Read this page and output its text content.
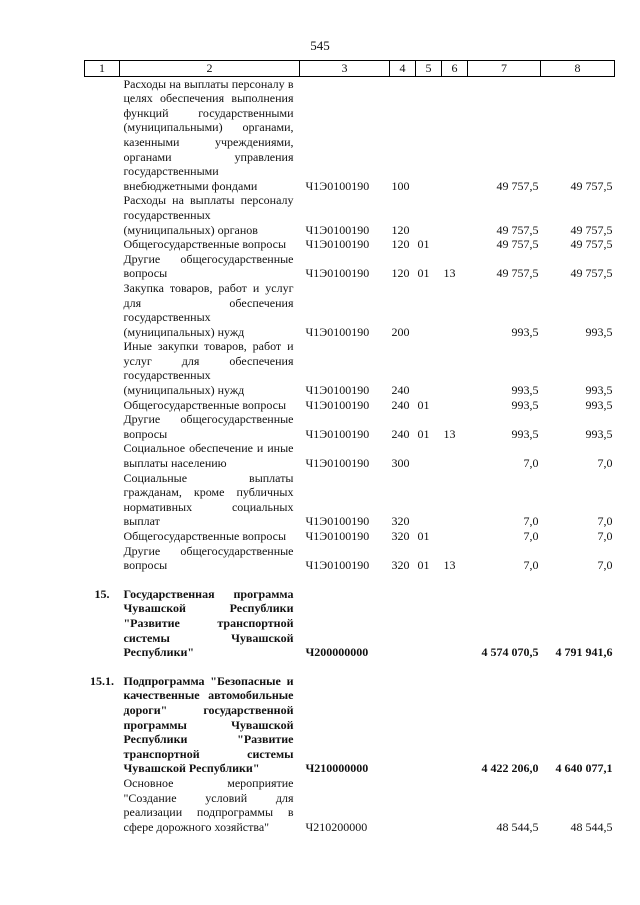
545
1	2	3	4	5	6	7	8
	Расходы на выплаты персоналу в целях обеспечения выполнения функций государственными (муниципальными) органами, казенными учреждениями, органами управления государственными внебюджетными фондами	Ч1Э0100190	100			49 757,5	49 757,5
	Расходы на выплаты персоналу государственных (муниципальных) органов	Ч1Э0100190	120			49 757,5	49 757,5
	Общегосударственные вопросы	Ч1Э0100190	120	01		49 757,5	49 757,5
	Другие общегосударственные вопросы	Ч1Э0100190	120	01	13	49 757,5	49 757,5
	Закупка товаров, работ и услуг для обеспечения государственных (муниципальных) нужд	Ч1Э0100190	200			993,5	993,5
	Иные закупки товаров, работ и услуг для обеспечения государственных (муниципальных) нужд	Ч1Э0100190	240			993,5	993,5
	Общегосударственные вопросы	Ч1Э0100190	240	01		993,5	993,5
	Другие общегосударственные вопросы	Ч1Э0100190	240	01	13	993,5	993,5
	Социальное обеспечение и иные выплаты населению	Ч1Э0100190	300			7,0	7,0
	Социальные выплаты гражданам, кроме публичных нормативных социальных выплат	Ч1Э0100190	320			7,0	7,0
	Общегосударственные вопросы	Ч1Э0100190	320	01		7,0	7,0
	Другие общегосударственные вопросы	Ч1Э0100190	320	01	13	7,0	7,0

15.	Государственная программа Чувашской Республики "Развитие транспортной системы Чувашской Республики"	Ч200000000				4 574 070,5	4 791 941,6

15.1.	Подпрограмма "Безопасные и качественные автомобильные дороги" государственной программы Чувашской Республики "Развитие транспортной системы Чувашской Республики"	Ч210000000				4 422 206,0	4 640 077,1
	Основное мероприятие "Создание условий для реализации подпрограммы в сфере дорожного хозяйства"	Ч210200000				48 544,5	48 544,5
